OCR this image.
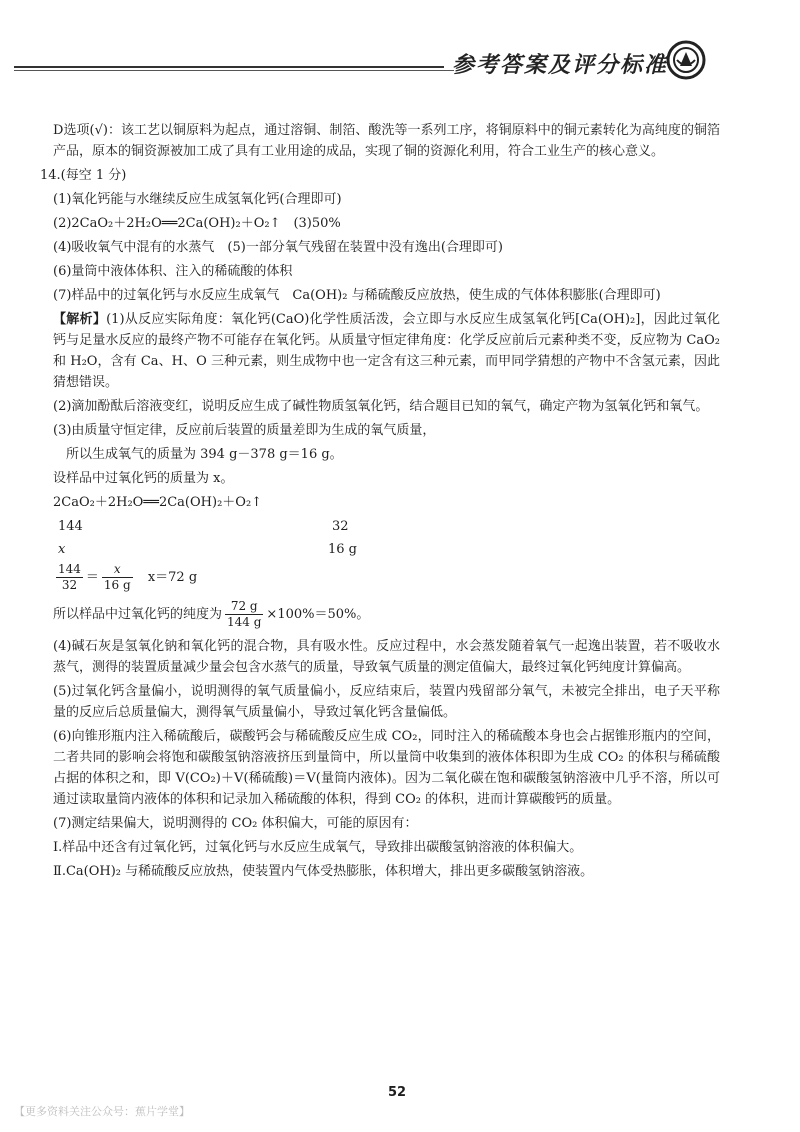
参考答案及评分标准

D选项(√)：该工艺以铜原料为起点，通过溶铜、制箔、酸洗等一系列工序，将铜原料中的铜元素转化为高纯度的铜箔产品，原本的铜资源被加工成了具有工业用途的成品，实现了铜的资源化利用，符合工业生产的核心意义。

14.(每空 1 分)

(1)氧化钙能与水继续反应生成氢氧化钙(合理即可)

(2)2CaO₂＋2H₂O══2Ca(OH)₂＋O₂↑　(3)50%

(4)吸收氧气中混有的水蒸气　(5)一部分氧气残留在装置中没有逸出(合理即可)

(6)量筒中液体体积、注入的稀硫酸的体积

(7)样品中的过氧化钙与水反应生成氧气　Ca(OH)₂ 与稀硫酸反应放热，使生成的气体体积膨胀(合理即可)

【解析】(1)从反应实际角度：氧化钙(CaO)化学性质活泼，会立即与水反应生成氢氧化钙[Ca(OH)₂]，因此过氧化钙与足量水反应的最终产物不可能存在氧化钙。从质量守恒定律角度：化学反应前后元素种类不变，反应物为 CaO₂ 和 H₂O，含有 Ca、H、O 三种元素，则生成物中也一定含有这三种元素，而甲同学猜想的产物中不含氢元素，因此猜想错误。

(2)滴加酚酞后溶液变红，说明反应生成了碱性物质氢氧化钙，结合题目已知的氧气，确定产物为氢氧化钙和氧气。

(3)由质量守恒定律，反应前后装置的质量差即为生成的氧气质量，

所以生成氧气的质量为 394 g－378 g＝16 g。

设样品中过氧化钙的质量为 x。

2CaO₂＋2H₂O══2Ca(OH)₂＋O₂↑

144	32
x	16 g
$\frac{144}{32} = \frac{x}{16 g} x=72$ g
所以样品中过氧化钙的纯度为 $\frac{72 g}{144 g} \times 100\%=50\%$。

(4)碱石灰是氢氧化钠和氧化钙的混合物，具有吸水性。反应过程中，水会蒸发随着氧气一起逸出装置，若不吸收水蒸气，测得的装置质量减少量会包含水蒸气的质量，导致氧气质量的测定值偏大，最终过氧化钙纯度计算偏高。

(5)过氧化钙含量偏小，说明测得的氧气质量偏小，反应结束后，装置内残留部分氧气，未被完全排出，电子天平称量的反应后总质量偏大，测得氧气质量偏小，导致过氧化钙含量偏低。

(6)向锥形瓶内注入稀硫酸后，碳酸钙会与稀硫酸反应生成 CO₂，同时注入的稀硫酸本身也会占据锥形瓶内的空间，二者共同的影响会将饱和碳酸氢钠溶液挤压到量筒中，所以量筒中收集到的液体体积即为生成 CO₂ 的体积与稀硫酸占据的体积之和，即 V(CO₂)＋V(稀硫酸)＝V(量筒内液体)。因为二氧化碳在饱和碳酸氢钠溶液中几乎不溶，所以可通过读取量筒内液体的体积和记录加入稀硫酸的体积，得到 CO₂ 的体积，进而计算碳酸钙的质量。

(7)测定结果偏大，说明测得的 CO₂ 体积偏大，可能的原因有：

Ⅰ.样品中还含有过氧化钙，过氧化钙与水反应生成氧气，导致排出碳酸氢钠溶液的体积偏大。

Ⅱ.Ca(OH)₂ 与稀硫酸反应放热，使装置内气体受热膨胀，体积增大，排出更多碳酸氢钠溶液。

52
【更多资料关注公众号：蕉片学堂】
